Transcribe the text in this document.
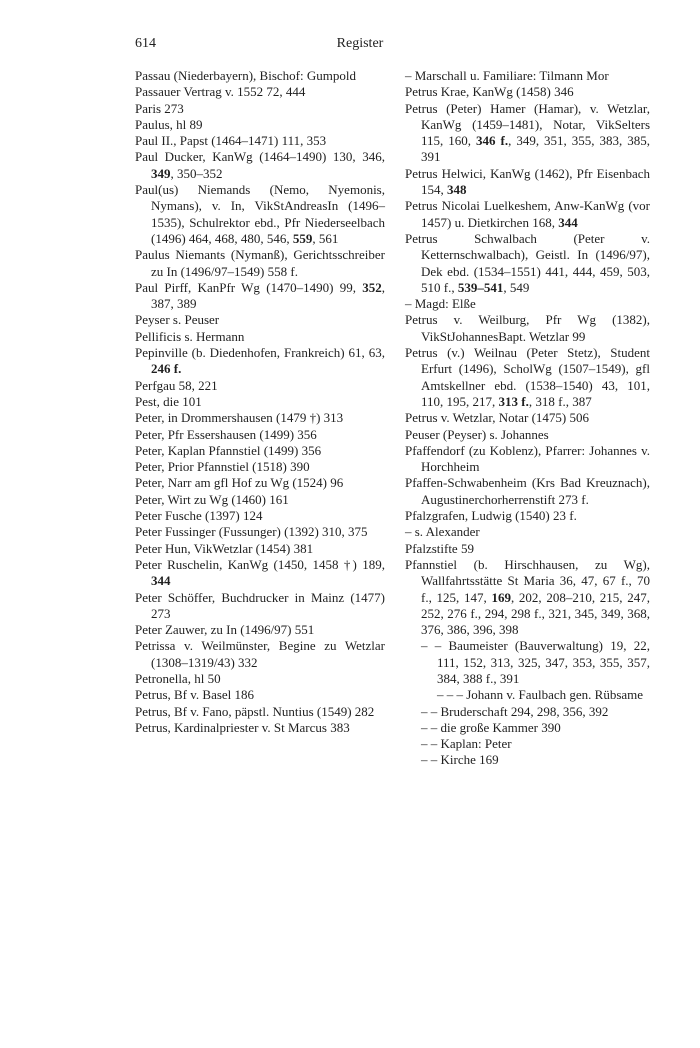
614	Register

Passau (Niederbayern), Bischof: Gumpold

Passauer Vertrag v. 1552 72, 444

Paris 273

Paulus, hl 89

Paul II., Papst (1464–1471) 111, 353

Paul Ducker, KanWg (1464–1490) 130, 346, 349, 350–352

Paul(us) Niemands (Nemo, Nyemonis, Nymans), v. In, VikStAndreasIn (1496–1535), Schulrektor ebd., Pfr Niederseelbach (1496) 464, 468, 480, 546, 559, 561

Paulus Niemants (Nymanß), Gerichtsschreiber zu In (1496/97–1549) 558 f.

Paul Pirff, KanPfr Wg (1470–1490) 99, 352, 387, 389

Peyser s. Peuser

Pellificis s. Hermann

Pepinville (b. Diedenhofen, Frankreich) 61, 63, 246 f.

Perfgau 58, 221

Pest, die 101

Peter, in Drommershausen (1479 †) 313

Peter, Pfr Essershausen (1499) 356

Peter, Kaplan Pfannstiel (1499) 356

Peter, Prior Pfannstiel (1518) 390

Peter, Narr am gfl Hof zu Wg (1524) 96

Peter, Wirt zu Wg (1460) 161

Peter Fusche (1397) 124

Peter Fussinger (Fussunger) (1392) 310, 375

Peter Hun, VikWetzlar (1454) 381

Peter Ruschelin, KanWg (1450, 1458 †) 189, 344

Peter Schöffer, Buchdrucker in Mainz (1477) 273

Peter Zauwer, zu In (1496/97) 551

Petrissa v. Weilmünster, Begine zu Wetzlar (1308–1319/43) 332

Petronella, hl 50

Petrus, Bf v. Basel 186

Petrus, Bf v. Fano, päpstl. Nuntius (1549) 282

Petrus, Kardinalpriester v. St Marcus 383

– Marschall u. Familiare: Tilmann Mor

Petrus Krae, KanWg (1458) 346

Petrus (Peter) Hamer (Hamar), v. Wetzlar, KanWg (1459–1481), Notar, VikSelters 115, 160, 346 f., 349, 351, 355, 383, 385, 391

Petrus Helwici, KanWg (1462), Pfr Eisenbach 154, 348

Petrus Nicolai Luelkeshem, Anw-KanWg (vor 1457) u. Dietkirchen 168, 344

Petrus Schwalbach (Peter v. Ketternschwalbach), Geistl. In (1496/97), Dek ebd. (1534–1551) 441, 444, 459, 503, 510 f., 539–541, 549

– Magd: Elße

Petrus v. Weilburg, Pfr Wg (1382), VikStJohannesBapt. Wetzlar 99

Petrus (v.) Weilnau (Peter Stetz), Student Erfurt (1496), ScholWg (1507–1549), gfl Amtskellner ebd. (1538–1540) 43, 101, 110, 195, 217, 313 f., 318 f., 387

Petrus v. Wetzlar, Notar (1475) 506

Peuser (Peyser) s. Johannes

Pfaffendorf (zu Koblenz), Pfarrer: Johannes v. Horchheim

Pfaffen-Schwabenheim (Krs Bad Kreuznach), Augustinerchorherrenstift 273 f.

Pfalzgrafen, Ludwig (1540) 23 f.

– s. Alexander

Pfalzstifte 59

Pfannstiel (b. Hirschhausen, zu Wg), Wallfahrtsstätte St Maria 36, 47, 67 f., 70 f., 125, 147, 169, 202, 208–210, 215, 247, 252, 276 f., 294, 298 f., 321, 345, 349, 368, 376, 386, 396, 398

– – Baumeister (Bauverwaltung) 19, 22, 111, 152, 313, 325, 347, 353, 355, 357, 384, 388 f., 391

– – – Johann v. Faulbach gen. Rübsame

– – Bruderschaft 294, 298, 356, 392

– – die große Kammer 390

– – Kaplan: Peter

– – Kirche 169
